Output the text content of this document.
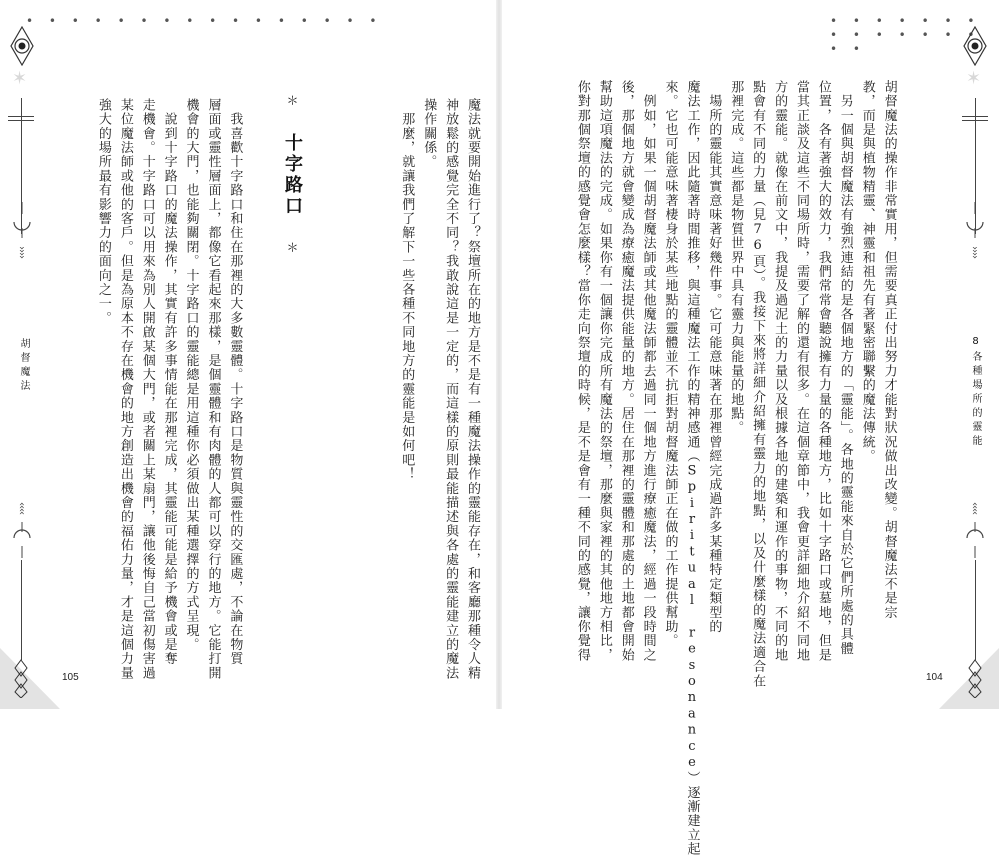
• • • • • • • • • • • • • • • •
✶
››››
胡督魔法
‹‹‹‹
105	魔法就要開始進行了？祭壇所在的地方是不是有一種魔法操作的靈能存在，和客廳那種令人精

神放鬆的感覺完全不同？我敢說這是一定的，而這樣的原則最能描述與各處的靈能建立的魔法

操作關係。

　那麼，就讓我們了解下一些各種不同地方的靈能是如何吧！

＊ 十字路口 ＊

　我喜歡十字路口和住在那裡的大多數靈體。十字路口是物質與靈性的交匯處，不論在物質

層面或靈性層面上，都像它看起來那樣，是個靈體和有肉體的人都可以穿行的地方。它能打開

機會的大門，也能夠關閉。十字路口的靈能總是用這種你必須做出某種選擇的方式呈現。

　說到十字路口的魔法操作，其實有許多事情能在那裡完成，其靈能可能是給予機會或是奪

走機會。十字路口可以用來為別人開啟某個大門，或者關上某扇門，讓他後悔自己當初傷害過

某位魔法師或他的客戶。但是為原本不存在機會的地方創造出機會的福佑力量，才是這個力量

強大的場所最有影響力的面向之一。	胡督魔法的操作非常實用，但需要真正付出努力才能對狀況做出改變。胡督魔法不是宗

教，而是與植物精靈、神靈和祖先有著緊密聯繫的魔法傳統。

　另一個與胡督魔法有強烈連結的是各個地方的「靈能」。各地的靈能來自於它們所處的具體

位置，各有著強大的效力，我們常常會聽說擁有力量的各種地方，比如十字路口或墓地，但是

當其正談及這些不同場所時，需要了解的還有很多。在這個章節中，我會更詳細地介紹不同地

方的靈能。就像在前文中，我提及過泥土的力量以及根據各地的建築和運作的事物，不同的地

點會有不同的力量（見76頁）。我接下來將詳細介紹擁有靈力的地點，以及什麼樣的魔法適合在

那裡完成。這些都是物質世界中具有靈力與能量的地點。

　場所的靈能其實意味著好幾件事。它可能意味著在那裡曾經完成過許多某種特定類型的

魔法工作，因此隨著時間推移，與這種魔法工作的精神感通（Spiritual resonance）逐漸建立起

來。它也可能意味著棲身於某些地點的靈體並不抗拒對胡督魔法師正在做的工作提供幫助。

　例如，如果一個胡督魔法師或其他魔法師都去過同一個地方進行療癒魔法，經過一段時間之

後，那個地方就會變成為療癒魔法提供能量的地方。居住在那裡的靈體和那處的土地都會開始

幫助這項魔法的完成。如果你有一個讓你完成所有魔法的祭壇，那麼與家裡的其他地方相比，

你對那個祭壇的感覺會怎麼樣？當你走向祭壇的時候，是不是會有一種不同的感覺，讓你覺得

104
• • • • • • • • • • • • • • • •
✶
››››
8各種場所的靈能
‹‹‹‹
